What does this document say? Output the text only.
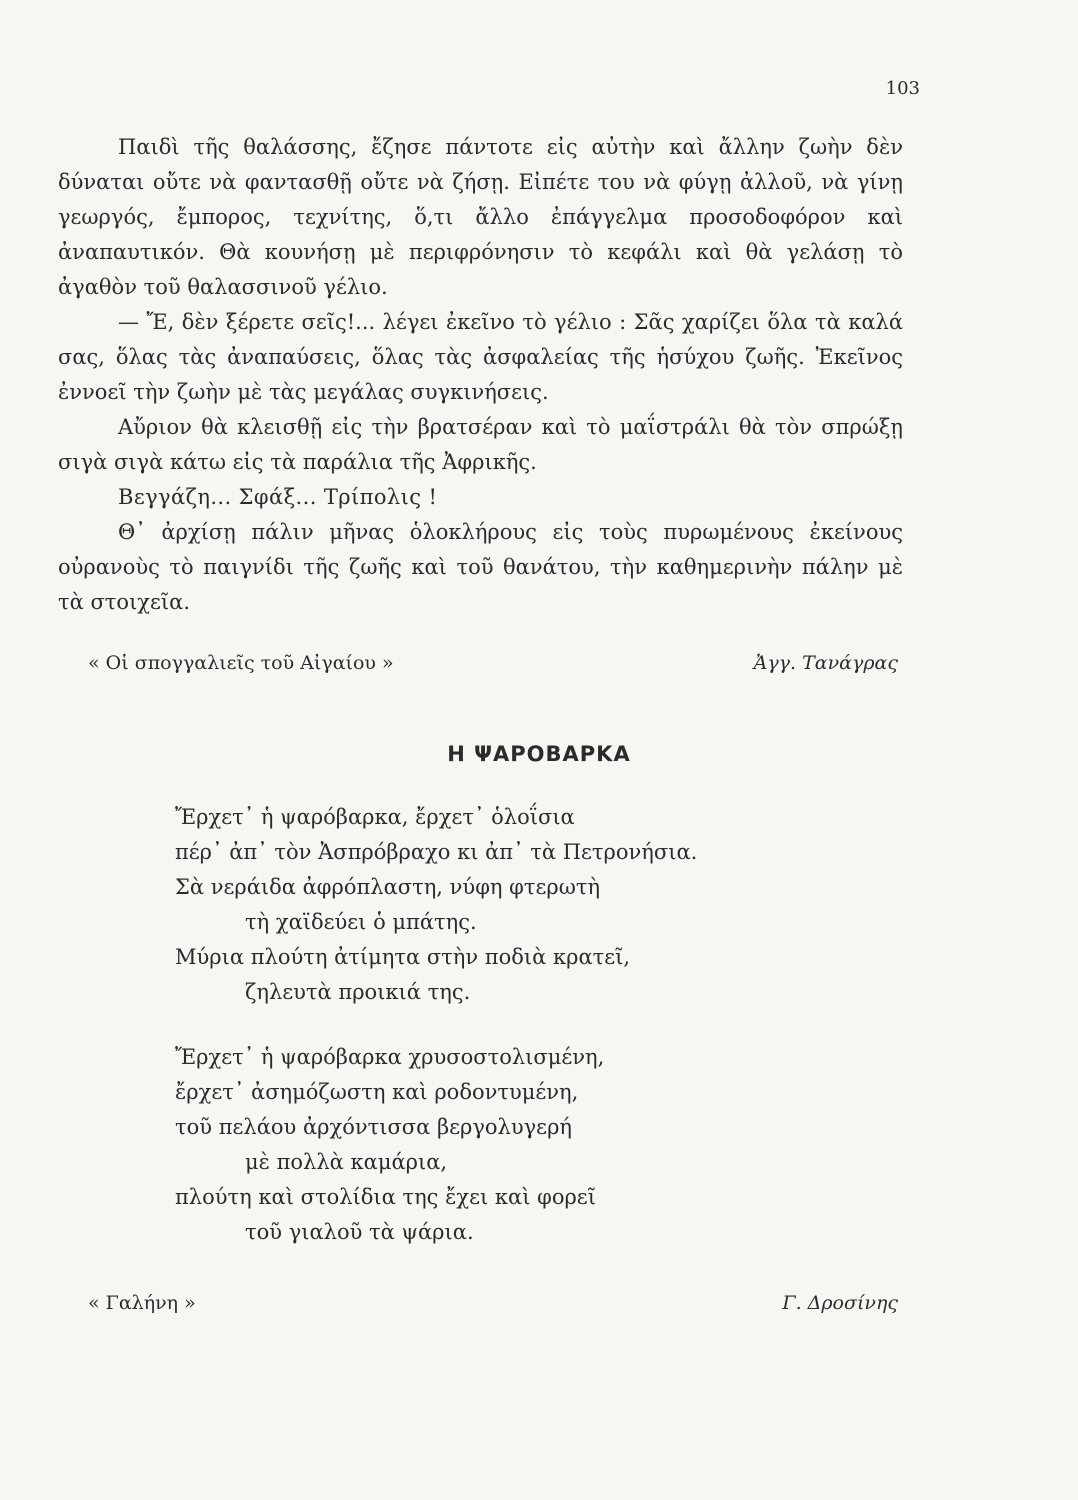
103

Παιδὶ τῆς θαλάσσης, ἔζησε πάντοτε εἰς αὐτὴν καὶ ἄλλην ζωὴν δὲν δύναται οὔτε νὰ φαντασθῇ οὔτε νὰ ζήσῃ. Εἰπέτε του νὰ φύγῃ ἀλλοῦ, νὰ γίνῃ γεωργός, ἔμπορος, τεχνίτης, ὅ,τι ἄλλο ἐπάγγελμα προσοδοφόρον καὶ ἀναπαυτικόν. Θὰ κουνήσῃ μὲ περιφρόνησιν τὸ κεφάλι καὶ θὰ γελάσῃ τὸ ἀγαθὸν τοῦ θαλασσινοῦ γέλιο.

— Ἔ, δὲν ξέρετε σεῖς!... λέγει ἐκεῖνο τὸ γέλιο : Σᾶς χαρίζει ὅλα τὰ καλά σας, ὅλας τὰς ἀναπαύσεις, ὅλας τὰς ἀσφαλείας τῆς ἡσύχου ζωῆς. Ἐκεῖνος ἐννοεῖ τὴν ζωὴν μὲ τὰς μεγάλας συγκινήσεις.

Αὔριον θὰ κλεισθῇ εἰς τὴν βρατσέραν καὶ τὸ μαΐστράλι θὰ τὸν σπρώξῃ σιγὰ σιγὰ κάτω εἰς τὰ παράλια τῆς Ἀφρικῆς.

Βεγγάζη... Σφάξ... Τρίπολις !

Θ᾽ ἀρχίσῃ πάλιν μῆνας ὁλοκλήρους εἰς τοὺς πυρωμένους ἐκείνους οὐρανοὺς τὸ παιγνίδι τῆς ζωῆς καὶ τοῦ θανάτου, τὴν καθημερινὴν πάλην μὲ τὰ στοιχεῖα.

« Οἱ σπογγαλιεῖς τοῦ Αἰγαίου »	Ἀγγ. Τανάγρας
Η ΨΑΡΟΒΑΡΚΑ
Ἔρχετ᾽ ἡ ψαρόβαρκα, ἔρχετ᾽ ὁλοΐσια
πέρ᾽ ἀπ᾽ τὸν Ἀσπρόβραχο κι ἀπ᾽ τὰ Πετρονήσια.
Σὰ νεράιδα ἀφρόπλαστη, νύφη φτερωτὴ
τὴ χαϊδεύει ὁ μπάτης.
Μύρια πλούτη ἀτίμητα στὴν ποδιὰ κρατεῖ,
ζηλευτὰ προικιά της.
Ἔρχετ᾽ ἡ ψαρόβαρκα χρυσοστολισμένη,
ἔρχετ᾽ ἀσημόζωστη καὶ ροδοντυμένη,
τοῦ πελάου ἀρχόντισσα βεργολυγερή
μὲ πολλὰ καμάρια,
πλούτη καὶ στολίδια της ἔχει καὶ φορεῖ
τοῦ γιαλοῦ τὰ ψάρια.
« Γαλήνη »	Γ. Δροσίνης
